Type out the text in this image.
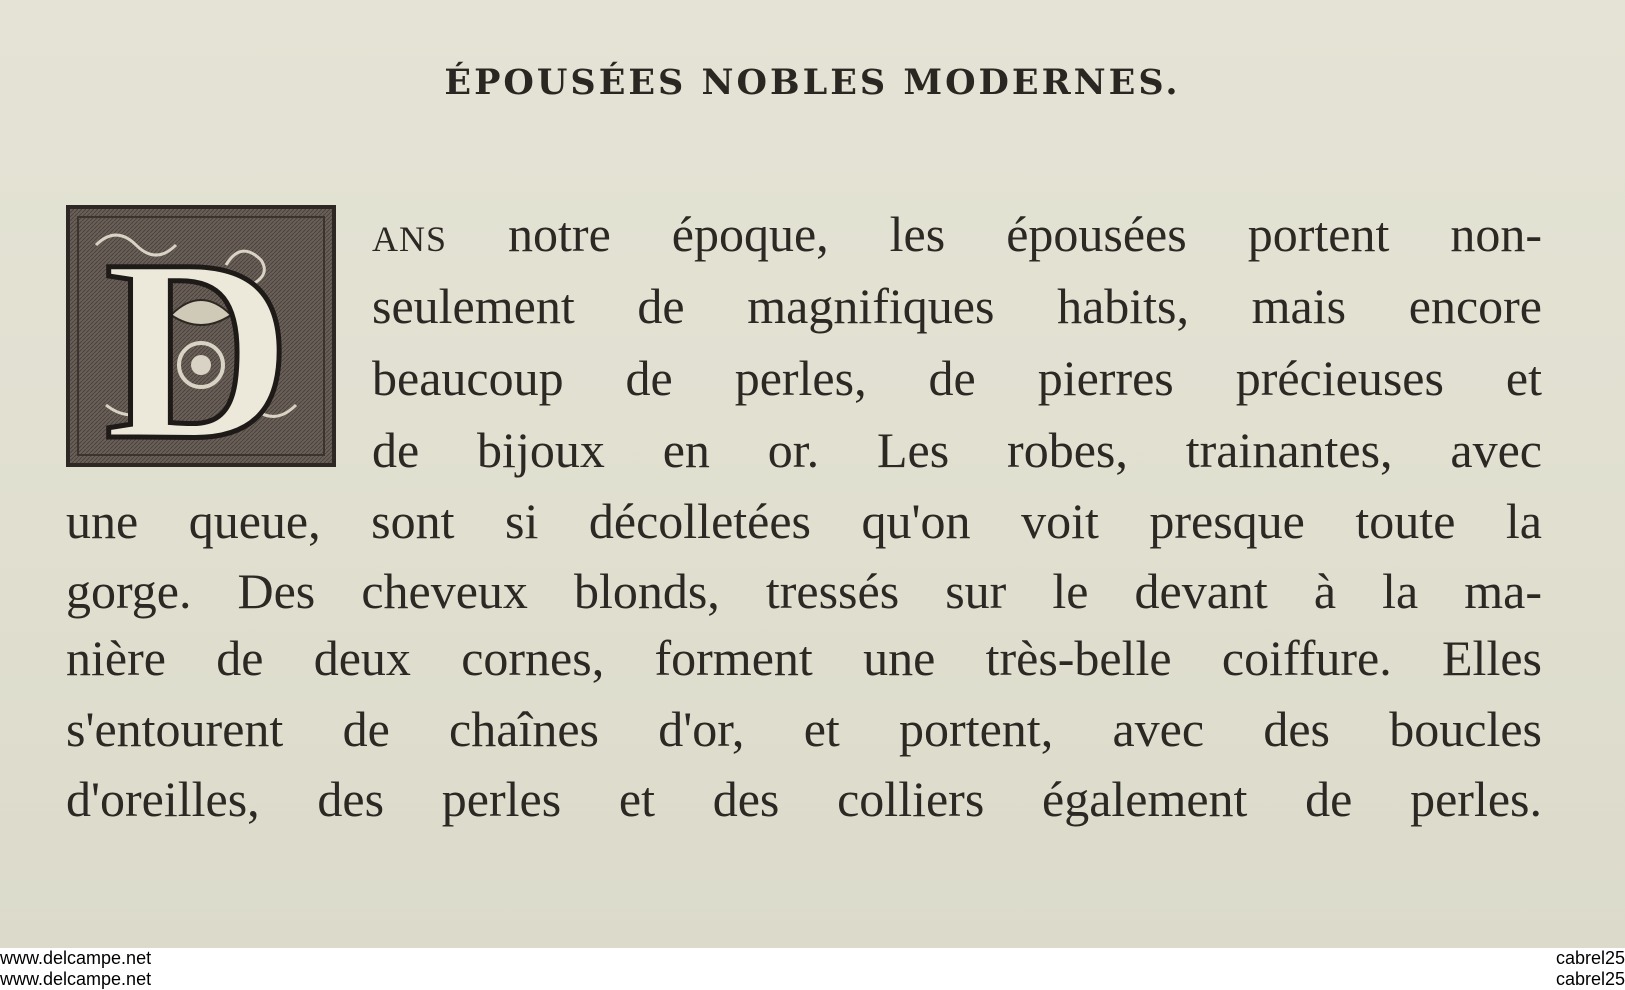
ÉPOUSÉES NOBLES MODERNES.
D ANS notre époque, les épousées portent non-
seulement de magnifiques habits, mais encore
beaucoup de perles, de pierres précieuses et
de bijoux en or. Les robes, trainantes, avec
une queue, sont si décolletées qu'on voit presque toute la
gorge. Des cheveux blonds, tressés sur le devant à la ma-
nière de deux cornes, forment une très-belle coiffure. Elles
s'entourent de chaînes d'or, et portent, avec des boucles
d'oreilles, des perles et des colliers également de perles.
www.delcampe.net
www.delcampe.net
cabrel25
cabrel25
